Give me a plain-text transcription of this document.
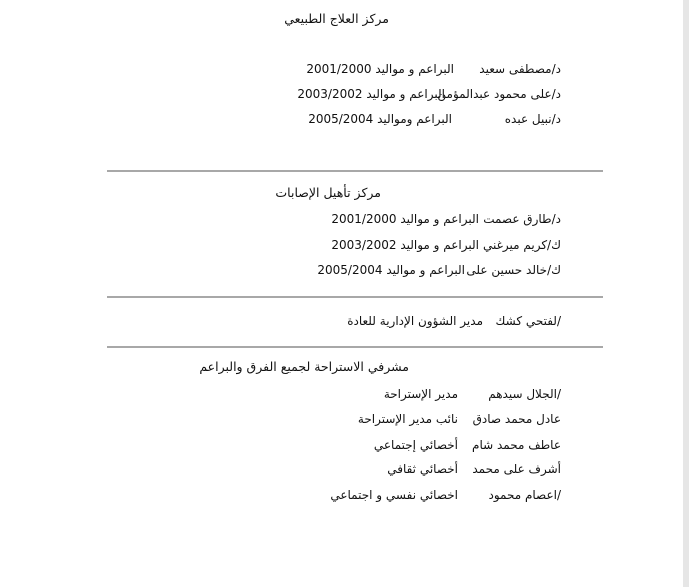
مركز العلاج الطبيعي
د/مصطفى سعيد
البراعم و مواليد 2001/2000
د/على محمود عبدالمؤمن
البراعم و مواليد 2003/2002
د/نبيل عبده
البراعم ومواليد 2005/2004
مركز تأهيل الإصابات
د/طارق عصمت
البراعم و مواليد 2001/2000
ك/كريم ميرغني
البراعم و مواليد 2003/2002
ك/خالد حسين على
البراعم و مواليد 2005/2004
/لفتحي كشك
مدير الشؤون الإدارية للعادة
مشرفي الاستراحة لجميع الفرق والبراعم
/الجلال سيدهم
مدير الإستراحة
عادل محمد صادق
نائب مدير الإستراحة
عاطف محمد شام
أخصائي إجتماعي
أشرف على محمد
أخصائي ثقافي
/اعصام محمود
اخصائي نفسي و اجتماعي
